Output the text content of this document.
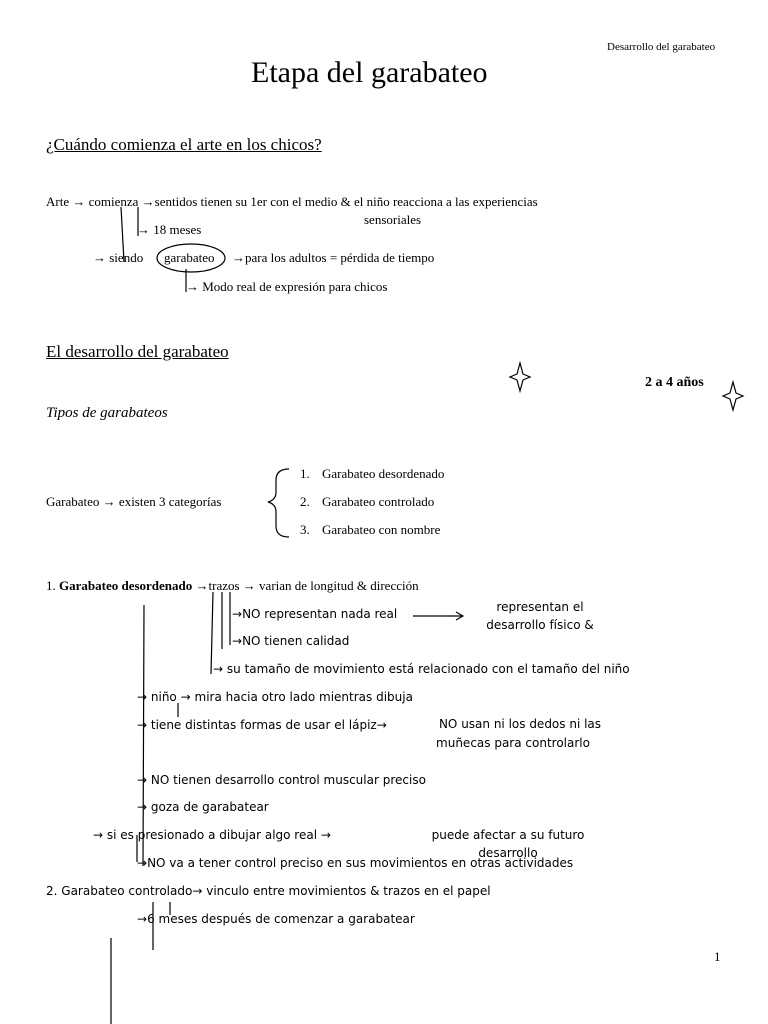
Desarrollo del garabateo
Etapa del garabateo
1
¿Cuándo comienza el arte en los chicos?
Arte → comienza →sentidos tienen su 1er con el medio & el niño reacciona a las experiencias
sensoriales
→ 18 meses
→ siendo garabateo →para los adultos = pérdida de tiempo
→ Modo real de expresión para chicos
El desarrollo del garabateo
2 a 4 años
Tipos de garabateos
Garabateo → existen 3 categorías
1. Garabateo desordenado
2. Garabateo controlado
3. Garabateo con nombre
1. Garabateo desordenado →trazos → varian de longitud & dirección
→NO representan nada real	representan el
desarrollo físico &
→NO tienen calidad
→ su tamaño de movimiento está relacionado con el tamaño del niño
→ niño → mira hacia otro lado mientras dibuja
→ tiene distintas formas de usar el lápiz→	NO usan ni los dedos ni las
muñecas para controlarlo
→ NO tienen desarrollo control muscular preciso
→ goza de garabatear
→ si es presionado a dibujar algo real →	puede afectar a su futuro
desarrollo
→NO va a tener control preciso en sus movimientos en otras actividades
2. Garabateo controlado→ vinculo entre movimientos & trazos en el papel
→6 meses después de comenzar a garabatear
